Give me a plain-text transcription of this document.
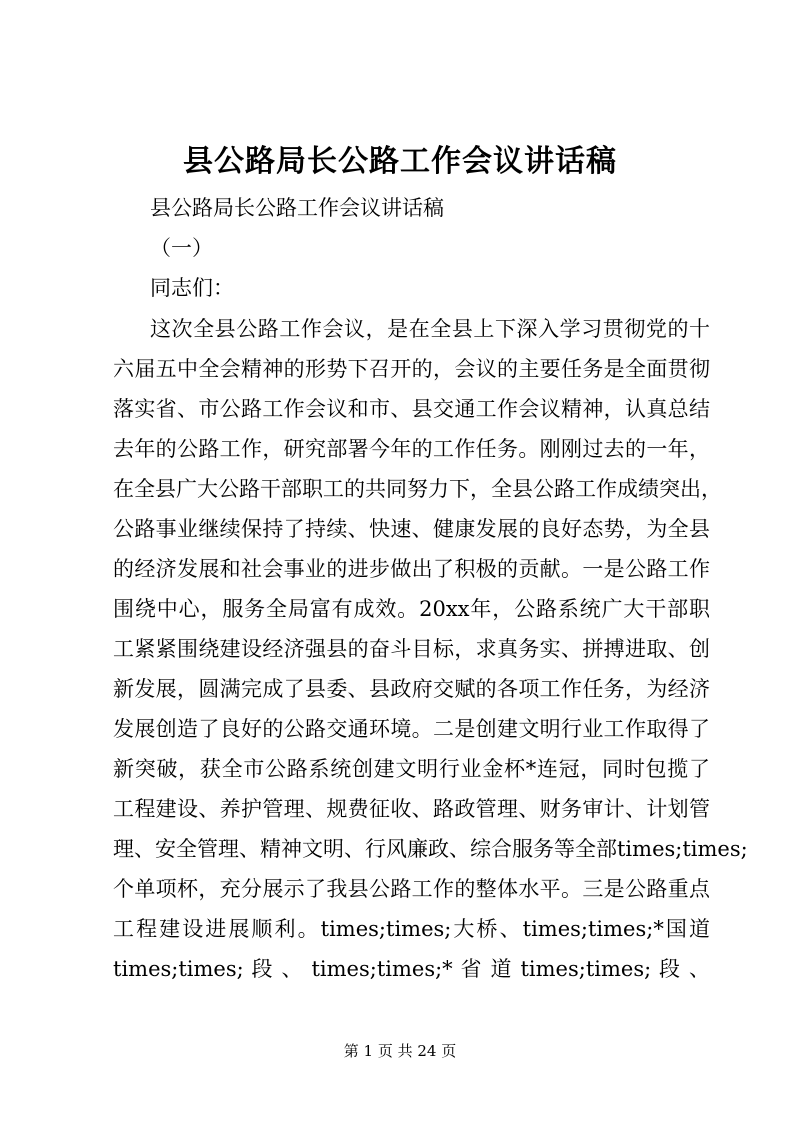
县公路局长公路工作会议讲话稿
县公路局长公路工作会议讲话稿
（一）
同志们：
这次全县公路工作会议，是在全县上下深入学习贯彻党的十
六届五中全会精神的形势下召开的，会议的主要任务是全面贯彻
落实省、市公路工作会议和市、县交通工作会议精神，认真总结
去年的公路工作，研究部署今年的工作任务。刚刚过去的一年，
在全县广大公路干部职工的共同努力下，全县公路工作成绩突出，
公路事业继续保持了持续、快速、健康发展的良好态势，为全县
的经济发展和社会事业的进步做出了积极的贡献。一是公路工作
围绕中心，服务全局富有成效。20xx年，公路系统广大干部职
工紧紧围绕建设经济强县的奋斗目标，求真务实、拼搏进取、创
新发展，圆满完成了县委、县政府交赋的各项工作任务，为经济
发展创造了良好的公路交通环境。二是创建文明行业工作取得了
新突破，获全市公路系统创建文明行业金杯*连冠，同时包揽了
工程建设、养护管理、规费征收、路政管理、财务审计、计划管
理、安全管理、精神文明、行风廉政、综合服务等全部times;times;
个单项杯，充分展示了我县公路工作的整体水平。三是公路重点
工程建设进展顺利。times;times;大桥、times;times;*国道
times;times; 段 、 times;times;* 省 道 times;times; 段 、
第 1 页 共 24 页
